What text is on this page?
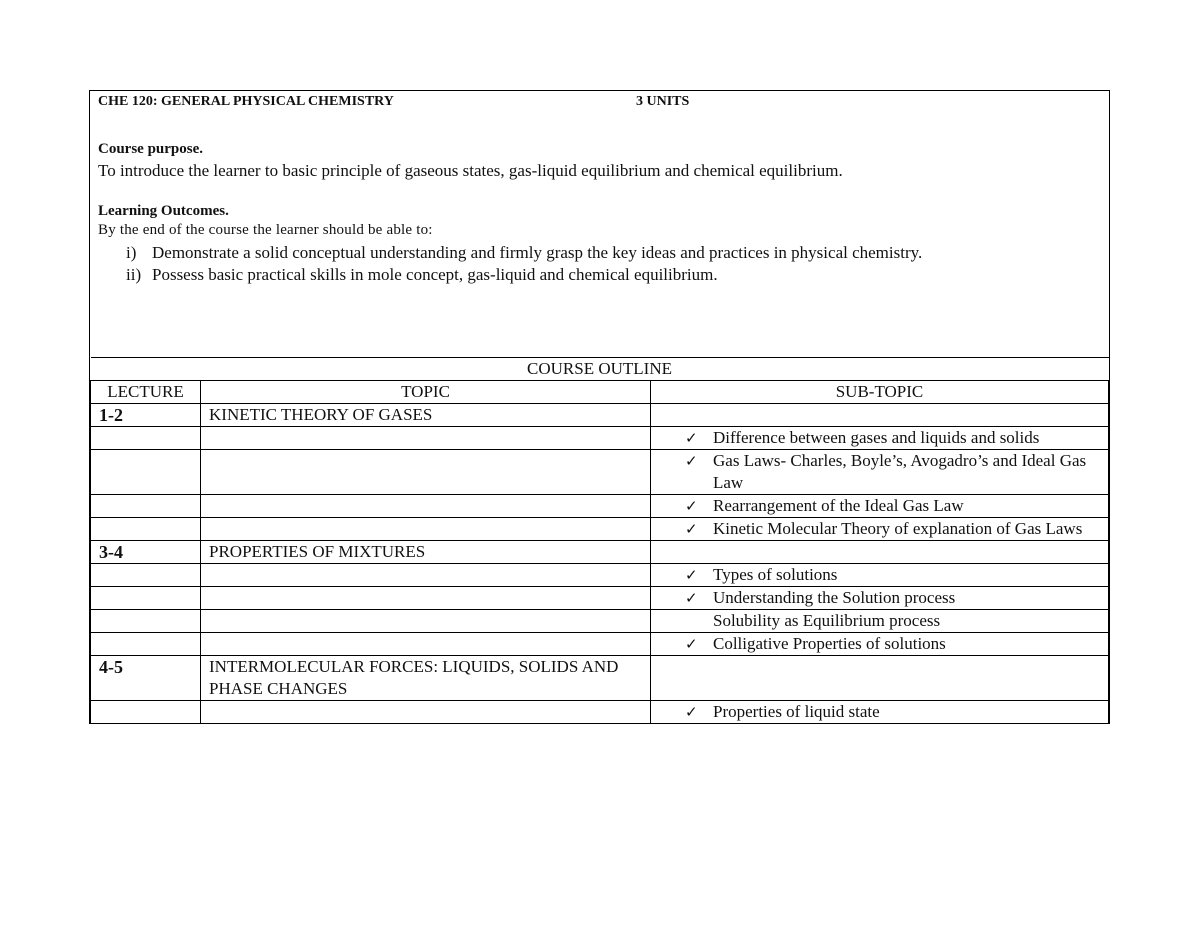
CHE 120: GENERAL PHYSICAL CHEMISTRY	3 UNITS
Course purpose.
To introduce the learner to basic principle of gaseous states, gas-liquid equilibrium and chemical equilibrium.
Learning Outcomes.
By the end of the course the learner should be able to:
i) Demonstrate a solid conceptual understanding and firmly grasp the key ideas and practices in physical chemistry.
ii) Possess basic practical skills in mole concept, gas-liquid and chemical equilibrium.
COURSE OUTLINE		
LECTURE	TOPIC	SUB-TOPIC
1-2	KINETIC THEORY OF GASES	

		✓ Difference between gases and liquids and solids

		✓ Gas Laws- Charles, Boyle’s, Avogadro’s and Ideal Gas Law

		✓ Rearrangement of the Ideal Gas Law

		✓ Kinetic Molecular Theory of explanation of Gas Laws
3-4	PROPERTIES OF MIXTURES	

		✓ Types of solutions

		✓ Understanding the Solution process
		Solubility as Equilibrium process

		✓ Colligative Properties of solutions
4-5	INTERMOLECULAR FORCES: LIQUIDS, SOLIDS AND PHASE CHANGES	

		✓ Properties of liquid state
